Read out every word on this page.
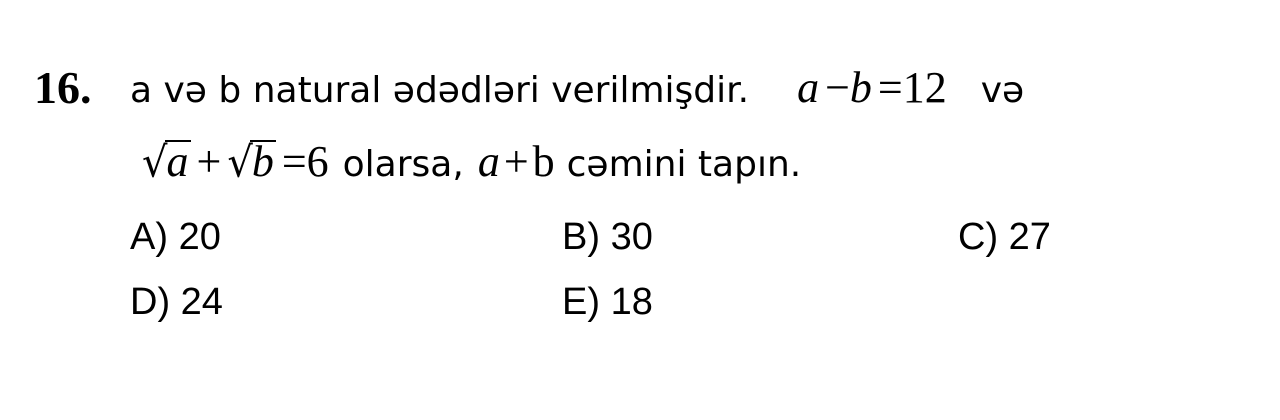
16. a və b natural ədədləri verilmişdir. a −b =12 və
√a + √b =6 olarsa, a+b cəmini tapın.
A) 20	B) 30	C) 27
D) 24	E) 18
